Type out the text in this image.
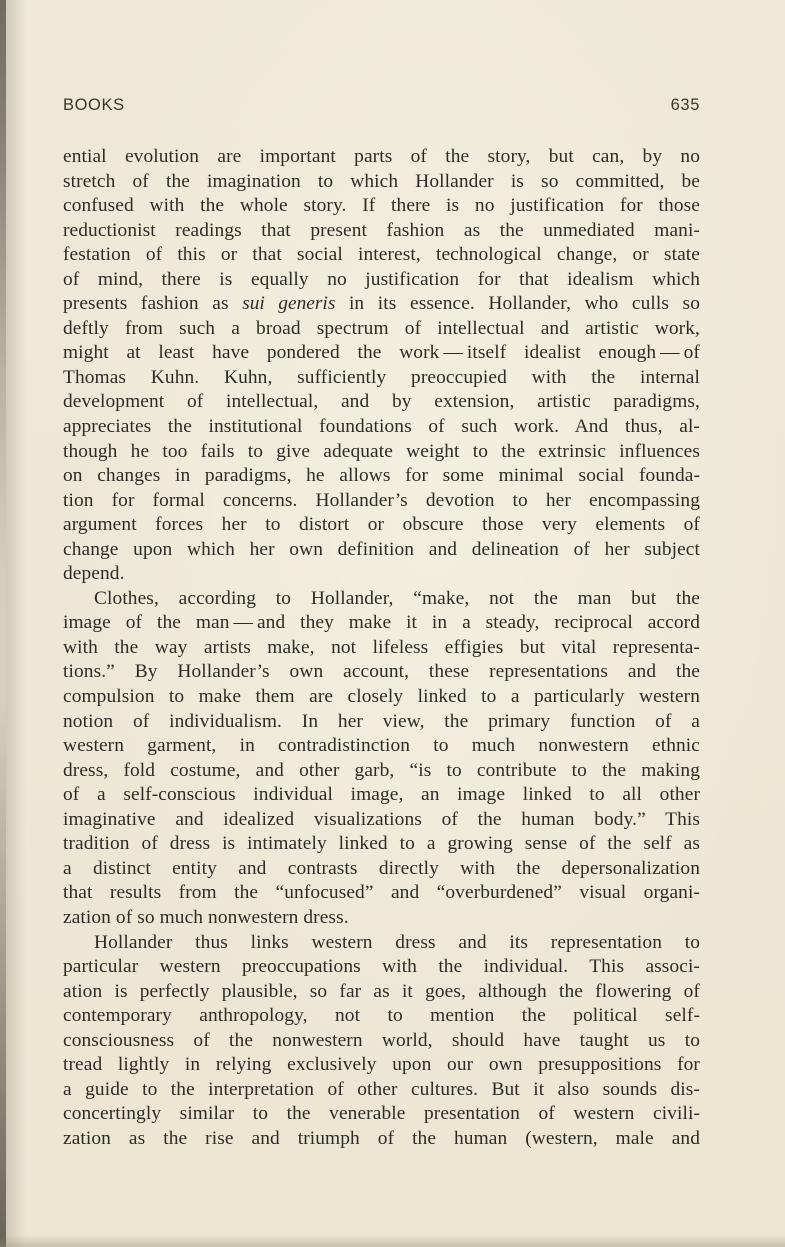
BOOKS	635
ential evolution are important parts of the story, but can, by no
stretch of the imagination to which Hollander is so committed, be
confused with the whole story. If there is no justification for those
reductionist readings that present fashion as the unmediated mani-
festation of this or that social interest, technological change, or state
of mind, there is equally no justification for that idealism which
presents fashion as sui generis in its essence. Hollander, who culls so
deftly from such a broad spectrum of intellectual and artistic work,
might at least have pondered the work — itself idealist enough — of
Thomas Kuhn. Kuhn, sufficiently preoccupied with the internal
development of intellectual, and by extension, artistic paradigms,
appreciates the institutional foundations of such work. And thus, al-
though he too fails to give adequate weight to the extrinsic influences
on changes in paradigms, he allows for some minimal social founda-
tion for formal concerns. Hollander’s devotion to her encompassing
argument forces her to distort or obscure those very elements of
change upon which her own definition and delineation of her subject
depend.
Clothes, according to Hollander, “make, not the man but the
image of the man — and they make it in a steady, reciprocal accord
with the way artists make, not lifeless effigies but vital representa-
tions.” By Hollander’s own account, these representations and the
compulsion to make them are closely linked to a particularly western
notion of individualism. In her view, the primary function of a
western garment, in contradistinction to much nonwestern ethnic
dress, fold costume, and other garb, “is to contribute to the making
of a self-conscious individual image, an image linked to all other
imaginative and idealized visualizations of the human body.” This
tradition of dress is intimately linked to a growing sense of the self as
a distinct entity and contrasts directly with the depersonalization
that results from the “unfocused” and “overburdened” visual organi-
zation of so much nonwestern dress.
Hollander thus links western dress and its representation to
particular western preoccupations with the individual. This associ-
ation is perfectly plausible, so far as it goes, although the flowering of
contemporary anthropology, not to mention the political self-
consciousness of the nonwestern world, should have taught us to
tread lightly in relying exclusively upon our own presuppositions for
a guide to the interpretation of other cultures. But it also sounds dis-
concertingly similar to the venerable presentation of western civili-
zation as the rise and triumph of the human (western, male and
